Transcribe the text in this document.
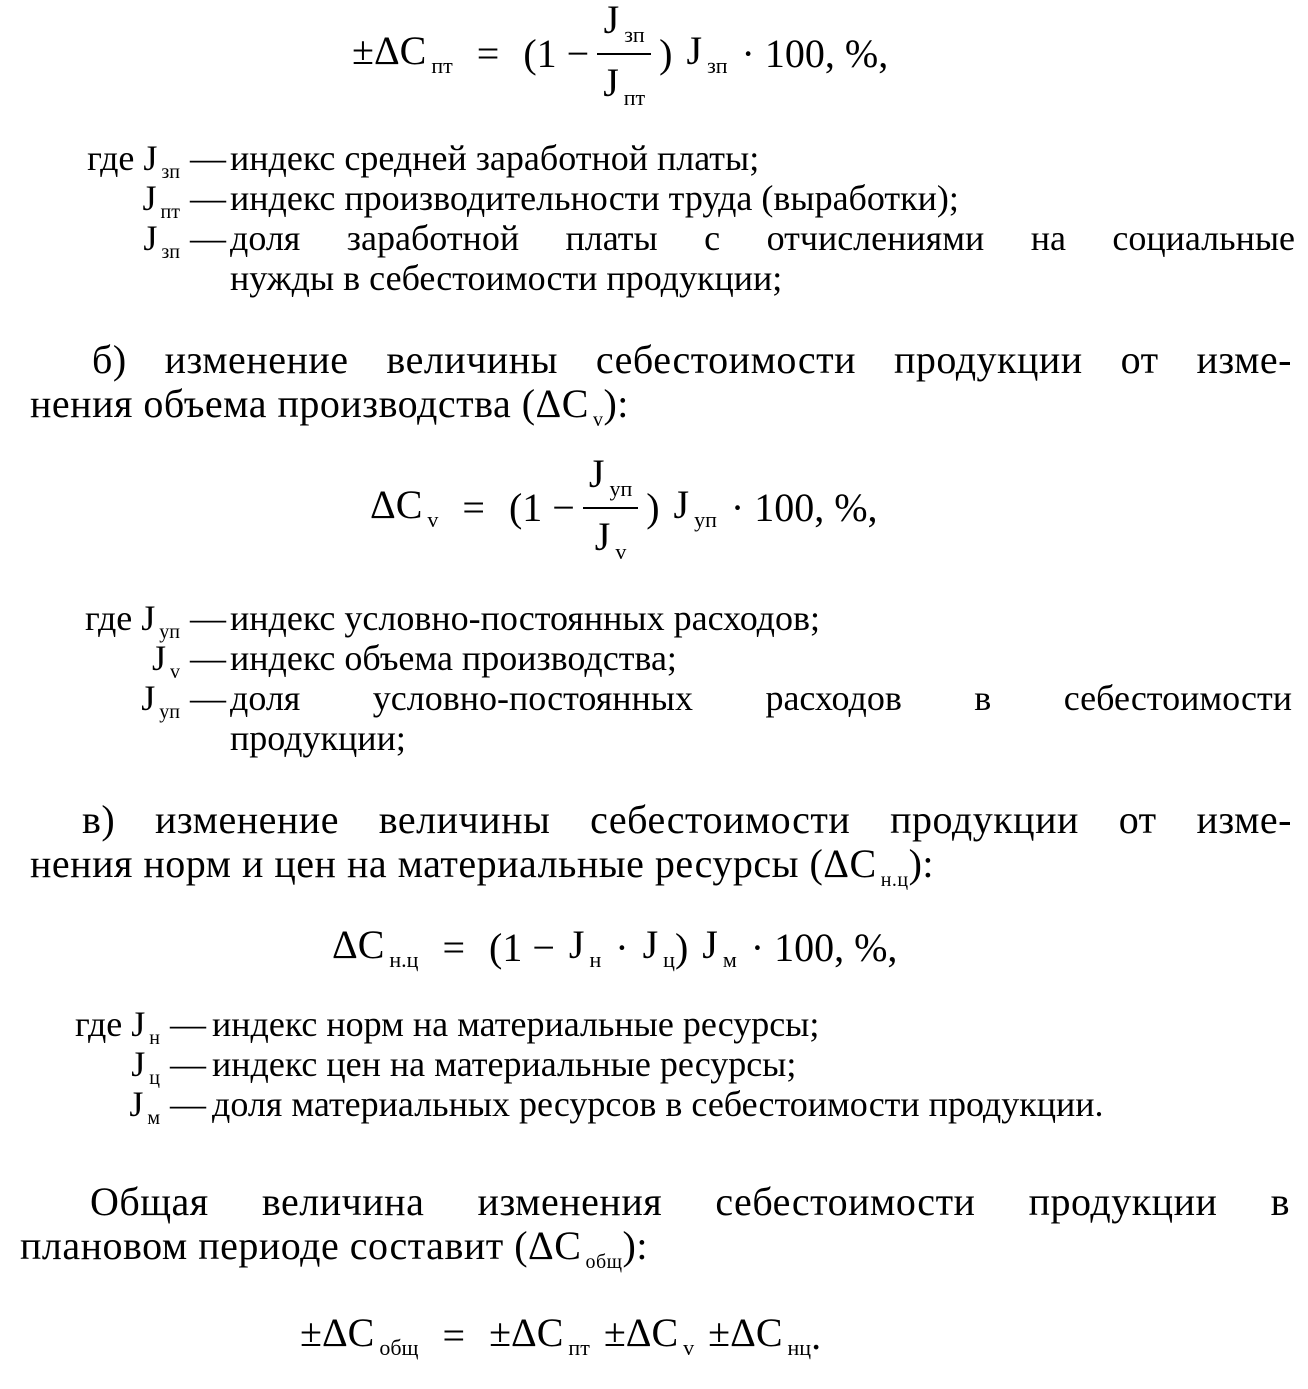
±ΔC $_{пт} = (1 - \frac{J _{зп}}{J _{пт}}$ ) J $_{зп}$ · 100, %,
где J $_{зп}$ — индекс средней заработной платы;
J $_{пт}$ — индекс производительности труда (выработки);
J $_{зп}$ — доля заработной платы с отчислениями на социальные
нужды в себестоимости продукции;
б) изменение величины себестоимости продукции от изме-
нения объема производства (ΔC $_v$):
ΔC $_v = (1 - \frac{J _{уп}}{J _v}$ ) J $_{уп}$ · 100, %,
где J $_{уп}$ — индекс условно-постоянных расходов;
J $_v$ — индекс объема производства;
J $_{уп}$ — доля условно-постоянных расходов в себестоимости
продукции;
в) изменение величины себестоимости продукции от изме-
нения норм и цен на материальные ресурсы (ΔC $_{н.ц}$):
ΔC $_{н.ц}$ = (1 − J $_н$ · J $_ц$ ) J $_м$ · 100, %,
где J $_н$ — индекс норм на материальные ресурсы;
J $_ц$ — индекс цен на материальные ресурсы;
J $_м$ — доля материальных ресурсов в себестоимости продукции.
Общая величина изменения себестоимости продукции в
плановом периоде составит (ΔC $_{общ}$):
±ΔC $_{общ}$ = ±ΔC $_{пт}$ ±ΔC $_v$ ±ΔC $_{нц}$ .
